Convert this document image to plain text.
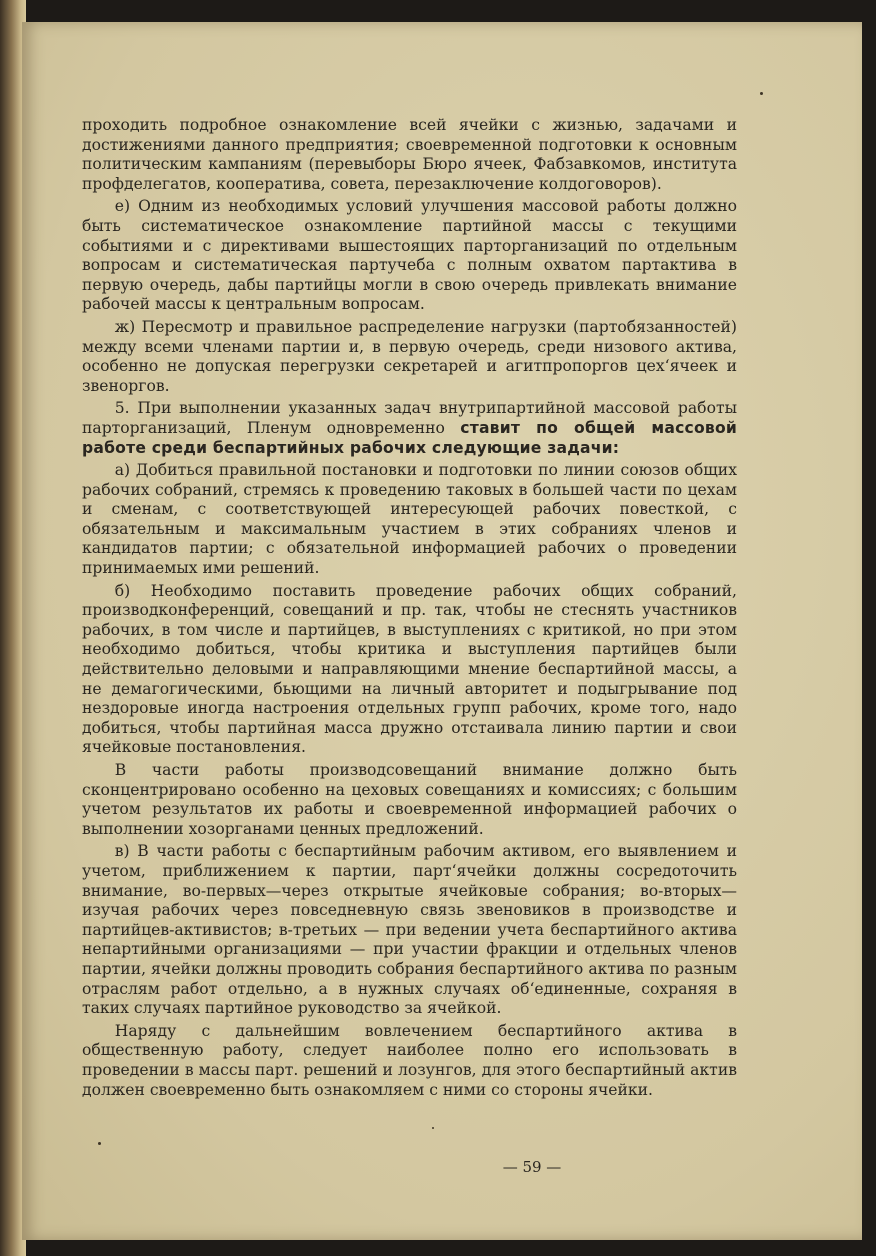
проходить подробное ознакомление всей ячейки с жизнью, задачами и достижениями данного предприятия; своевременной подготовки к основным политическим кампаниям (перевыборы Бюро ячеек, Фабзавкомов, института профделегатов, кооператива, совета, перезаключение колдоговоров).

е) Одним из необходимых условий улучшения массовой работы должно быть систематическое ознакомление партийной массы с текущими событиями и с директивами вышестоящих парторганизаций по отдельным вопросам и систематическая партучеба с полным охватом партактива в первую очередь, дабы партийцы могли в свою очередь привлекать внимание рабочей массы к центральным вопросам.

ж) Пересмотр и правильное распределение нагрузки (партобязанностей) между всеми членами партии и, в первую очередь, среди низового актива, особенно не допуская перегрузки секретарей и агитпропоргов цех‘ячеек и звеноргов.

5. При выполнении указанных задач внутрипартийной массовой работы парторганизаций, Пленум одновременно ставит по общей массовой работе среди беспартийных рабочих следующие задачи:

а) Добиться правильной постановки и подготовки по линии союзов общих рабочих собраний, стремясь к проведению таковых в большей части по цехам и сменам, с соответствующей интересующей рабочих повесткой, с обязательным и максимальным участием в этих собраниях членов и кандидатов партии; с обязательной информацией рабочих о проведении принимаемых ими решений.

б) Необходимо поставить проведение рабочих общих собраний, производконференций, совещаний и пр. так, чтобы не стеснять участников рабочих, в том числе и партийцев, в выступлениях с критикой, но при этом необходимо добиться, чтобы критика и выступления партийцев были действительно деловыми и направляющими мнение беспартийной массы, а не демагогическими, бьющими на личный авторитет и подыгрывание под нездоровые иногда настроения отдельных групп рабочих, кроме того, надо добиться, чтобы партийная масса дружно отстаивала линию партии и свои ячейковые постановления.

В части работы производсовещаний внимание должно быть сконцентрировано особенно на цеховых совещаниях и комиссиях; с большим учетом результатов их работы и своевременной информацией рабочих о выполнении хозорганами ценных предложений.

в) В части работы с беспартийным рабочим активом, его выявлением и учетом, приближением к партии, парт‘ячейки должны сосредоточить внимание, во-первых—через открытые ячейковые собрания; во-вторых—изучая рабочих через повседневную связь звеновиков в производстве и партийцев-активистов; в-третьих — при ведении учета беспартийного актива непартийными организациями — при участии фракции и отдельных членов партии, ячейки должны проводить собрания беспартийного актива по разным отраслям работ отдельно, а в нужных случаях об‘единенные, сохраняя в таких случаях партийное руководство за ячейкой.

Наряду с дальнейшим вовлечением беспартийного актива в общественную работу, следует наиболее полно его использовать в проведении в массы парт. решений и лозунгов, для этого беспартийный актив должен своевременно быть ознакомляем с ними со стороны ячейки.

— 59 —
